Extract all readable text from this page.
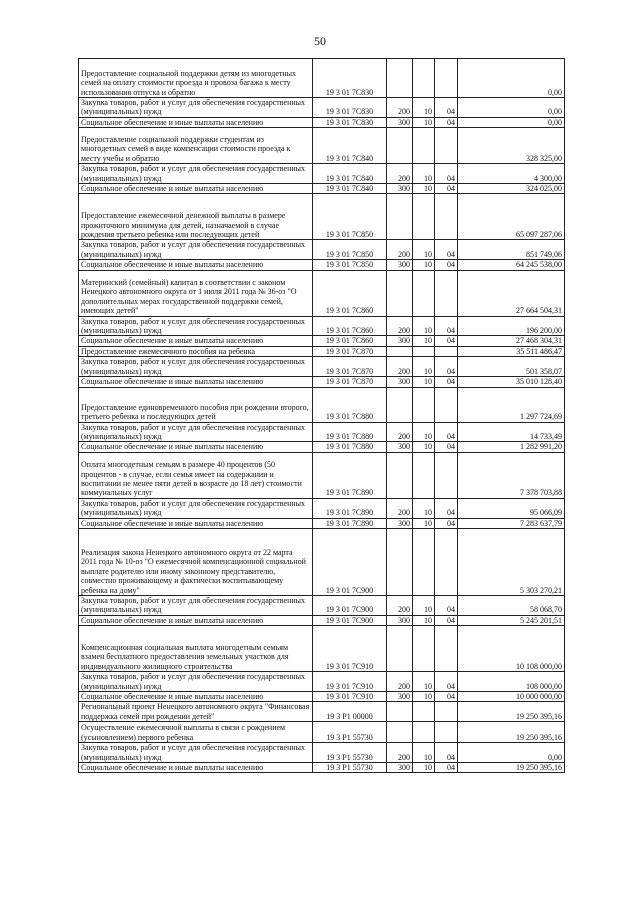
50
Предоставление социальной поддержки детям из многодетных семей на оплату стоимости проезда и провоза багажа к месту использования отпуска и обратно	19 3 01 7С830				0,00
Закупка товаров, работ и услуг для обеспечения государственных (муниципальных) нужд	19 3 01 7С830	200	10	04	0,00
Социальное обеспечение и иные выплаты населению	19 3 01 7С830	300	10	04	0,00
Предоставление социальной поддержки студентам из многодетных семей в виде компенсации стоимости проезда к месту учебы и обратно	19 3 01 7С840				328 325,00
Закупка товаров, работ и услуг для обеспечения государственных (муниципальных) нужд	19 3 01 7С840	200	10	04	4 300,00
Социальное обеспечение и иные выплаты населению	19 3 01 7С840	300	10	04	324 025,00
Предоставление ежемесячной денежной выплаты в размере прожиточного минимума для детей, назначаемой в случае рождения третьего ребенка или последующих детей	19 3 01 7С850				65 097 287,06
Закупка товаров, работ и услуг для обеспечения государственных (муниципальных) нужд	19 3 01 7С850	200	10	04	851 749,06
Социальное обеспечение и иные выплаты населению	19 3 01 7С850	300	10	04	64 245 538,00
Материнский (семейный) капитал в соответствии с законом Ненецкого автономного округа от 1 июля 2011 года № 36-оз "О дополнительных мерах государственной поддержки семей, имеющих детей"	19 3 01 7С860				27 664 504,31
Закупка товаров, работ и услуг для обеспечения государственных (муниципальных) нужд	19 3 01 7С860	200	10	04	196 200,00
Социальное обеспечение и иные выплаты населению	19 3 01 7С860	300	10	04	27 468 304,31
Предоставление ежемесячного пособия на ребенка	19 3 01 7С870				35 511 486,47
Закупка товаров, работ и услуг для обеспечения государственных (муниципальных) нужд	19 3 01 7С870	200	10	04	501 358,07
Социальное обеспечение и иные выплаты населению	19 3 01 7С870	300	10	04	35 010 128,40
Предоставление единовременного пособия при рождении второго, третьего ребенка и последующих детей	19 3 01 7С880				1 297 724,69
Закупка товаров, работ и услуг для обеспечения государственных (муниципальных) нужд	19 3 01 7С880	200	10	04	14 733,49
Социальное обеспечение и иные выплаты населению	19 3 01 7С880	300	10	04	1 282 991,20
Оплата многодетным семьям в размере 40 процентов (50 процентов - в случае, если семья имеет на содержании и воспитании не менее пяти детей в возрасте до 18 лет) стоимости коммунальных услуг	19 3 01 7С890				7 378 703,88
Закупка товаров, работ и услуг для обеспечения государственных (муниципальных) нужд	19 3 01 7С890	200	10	04	95 066,09
Социальное обеспечение и иные выплаты населению	19 3 01 7С890	300	10	04	7 283 637,79
Реализация закона Ненецкого автономного округа от 22 марта 2011 года № 10-оз "О ежемесячной компенсационной социальной выплате родителю или иному законному представителю, совместно проживающему и фактически воспитывающему ребенка на дому"	19 3 01 7С900				5 303 270,21
Закупка товаров, работ и услуг для обеспечения государственных (муниципальных) нужд	19 3 01 7С900	200	10	04	58 068,70
Социальное обеспечение и иные выплаты населению	19 3 01 7С900	300	10	04	5 245 201,51
Компенсационная социальная выплата многодетным семьям взамен бесплатного предоставления земельных участков для индивидуального жилищного строительства	19 3 01 7С910				10 108 000,00
Закупка товаров, работ и услуг для обеспечения государственных (муниципальных) нужд	19 3 01 7С910	200	10	04	108 000,00
Социальное обеспечение и иные выплаты населению	19 3 01 7С910	300	10	04	10 000 000,00
Региональный проект Ненецкого автономного округа "Финансовая поддержка семей при рождении детей"	19 3 Р1 00000				19 250 395,16
Осуществление ежемесячной выплаты в связи с рождением (усыновлением) первого ребенка	19 3 Р1 55730				19 250 395,16
Закупка товаров, работ и услуг для обеспечения государственных (муниципальных) нужд	19 3 Р1 55730	200	10	04	0,00
Социальное обеспечение и иные выплаты населению	19 3 Р1 55730	300	10	04	19 250 395,16
